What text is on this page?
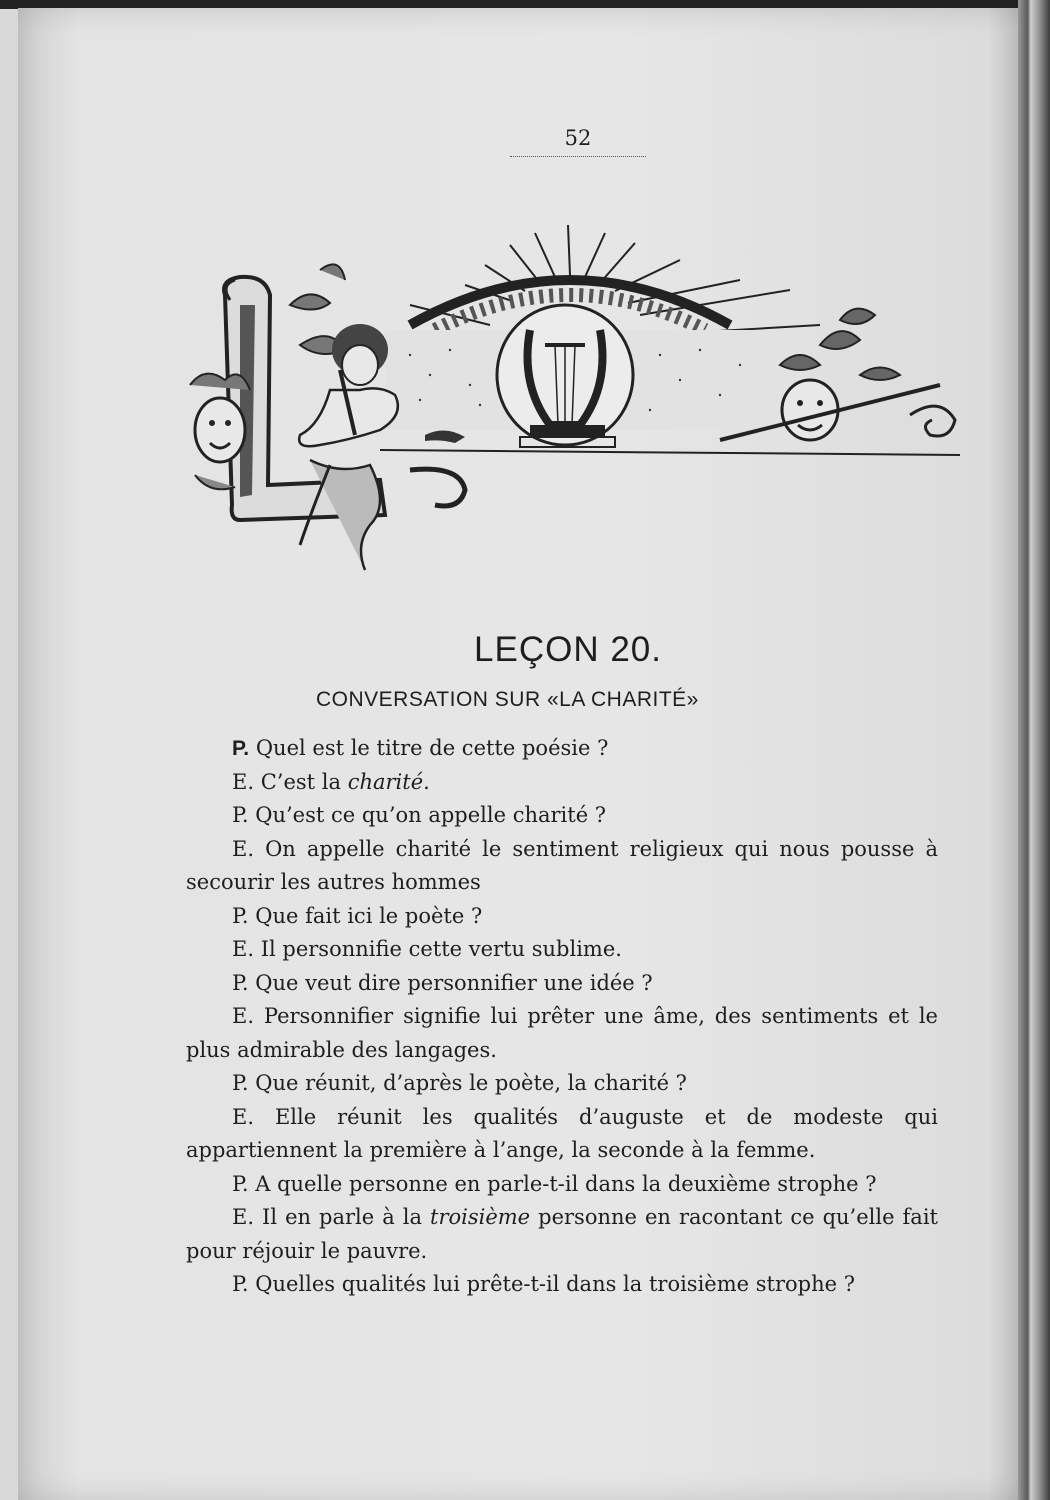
52
LEÇON 20.
CONVERSATION SUR «LA CHARITÉ»

P. Quel est le titre de cette poésie ?

E. C’est la charité.

P. Qu’est ce qu’on appelle charité ?

E. On appelle charité le sentiment religieux qui nous pousse à secourir les autres hommes

P. Que fait ici le poète ?

E. Il personnifie cette vertu sublime.

P. Que veut dire personnifier une idée ?

E. Personnifier signifie lui prêter une âme, des sentiments et le plus admirable des langages.

P. Que réunit, d’après le poète, la charité ?

E. Elle réunit les qualités d’auguste et de modeste qui appartiennent la première à l’ange, la seconde à la femme.

P. A quelle personne en parle-t-il dans la deuxième strophe ?

E. Il en parle à la troisième personne en racontant ce qu’elle fait pour réjouir le pauvre.

P. Quelles qualités lui prête-t-il dans la troisième strophe ?
